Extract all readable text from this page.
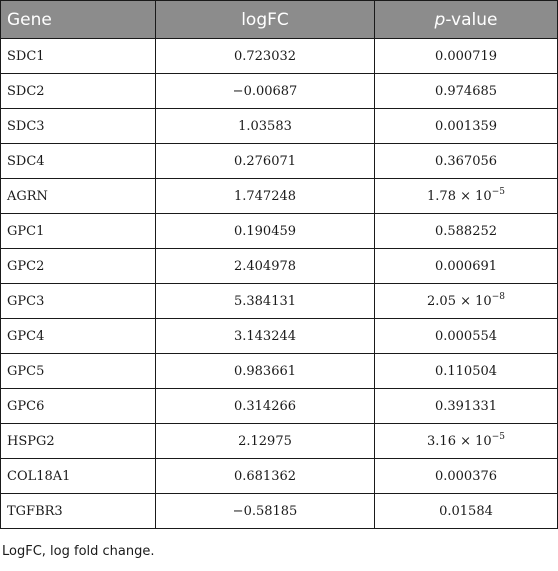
Gene	logFC	p-value
SDC1	0.723032	0.000719
SDC2	−0.00687	0.974685
SDC3	1.03583	0.001359
SDC4	0.276071	0.367056
AGRN	1.747248	$1.78 \times 10^{-5}$
GPC1	0.190459	0.588252
GPC2	2.404978	0.000691
GPC3	5.384131	$2.05 \times 10^{-8}$
GPC4	3.143244	0.000554
GPC5	0.983661	0.110504
GPC6	0.314266	0.391331
HSPG2	2.12975	$3.16 \times 10^{-5}$
COL18A1	0.681362	0.000376
TGFBR3	−0.58185	0.01584
LogFC, log fold change.
